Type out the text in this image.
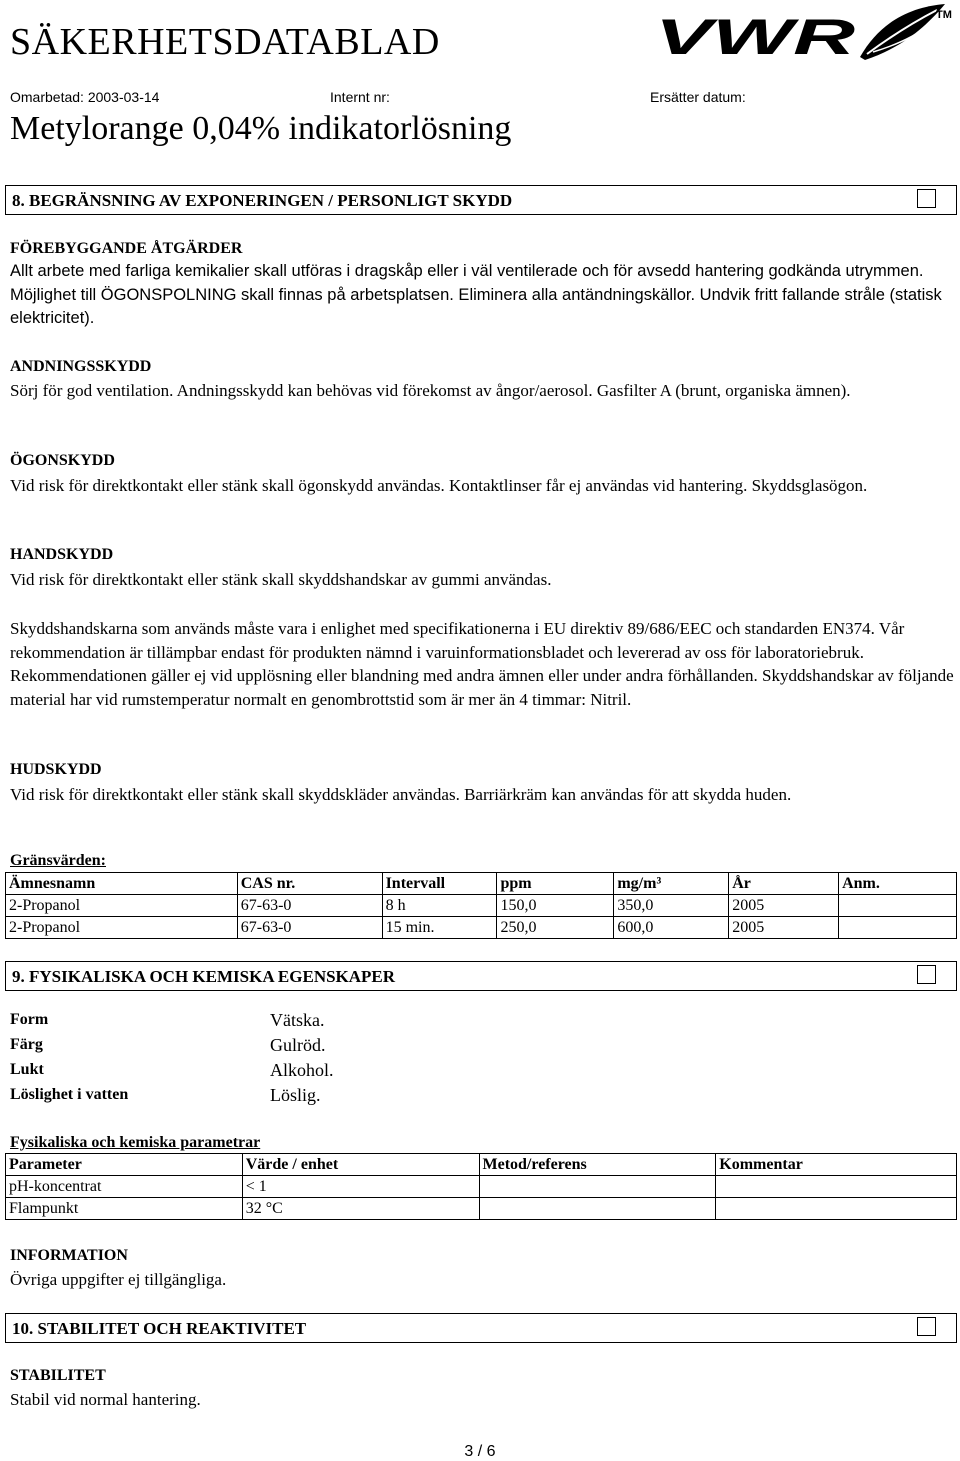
SÄKERHETSDATABLAD
Omarbetad: 2003-03-14	Internt nr:	Ersätter datum:
Metylorange 0,04% indikatorlösning
VWR	TM
8. BEGRÄNSNING AV EXPONERINGEN / PERSONLIGT SKYDD
FÖREBYGGANDE ÅTGÄRDER
Allt arbete med farliga kemikalier skall utföras i dragskåp eller i väl ventilerade och för avsedd hantering godkända utrymmen. Möjlighet till ÖGONSPOLNING skall finnas på arbetsplatsen. Eliminera alla antändningskällor. Undvik fritt fallande stråle (statisk elektricitet).
ANDNINGSSKYDD
Sörj för god ventilation. Andningsskydd kan behövas vid förekomst av ångor/aerosol. Gasfilter A (brunt, organiska ämnen).
ÖGONSKYDD
Vid risk för direktkontakt eller stänk skall ögonskydd användas. Kontaktlinser får ej användas vid hantering. Skyddsglasögon.
HANDSKYDD
Vid risk för direktkontakt eller stänk skall skyddshandskar av gummi användas.
Skyddshandskarna som används måste vara i enlighet med specifikationerna i EU direktiv 89/686/EEC och standarden EN374. Vår rekommendation är tillämpbar endast för produkten nämnd i varuinformationsbladet och levererad av oss för laboratoriebruk. Rekommendationen gäller ej vid upplösning eller blandning med andra ämnen eller under andra förhållanden. Skyddshandskar av följande material har vid rumstemperatur normalt en genombrottstid som är mer än 4 timmar: Nitril.
HUDSKYDD
Vid risk för direktkontakt eller stänk skall skyddskläder användas. Barriärkräm kan användas för att skydda huden.
Gränsvärden:
Ämnesnamn	CAS nr.	Intervall	ppm	mg/m³	År	Anm.
2-Propanol	67-63-0	8 h	150,0	350,0	2005	
2-Propanol	67-63-0	15 min.	250,0	600,0	2005	
9. FYSIKALISKA OCH KEMISKA EGENSKAPER
Form	Vätska.
Färg	Gulröd.
Lukt	Alkohol.
Löslighet i vatten	Löslig.
Fysikaliska och kemiska parametrar
Parameter	Värde / enhet	Metod/referens	Kommentar
pH-koncentrat	< 1		
Flampunkt	32 °C		
INFORMATION
Övriga uppgifter ej tillgängliga.
10. STABILITET OCH REAKTIVITET
STABILITET
Stabil vid normal hantering.
3 / 6
